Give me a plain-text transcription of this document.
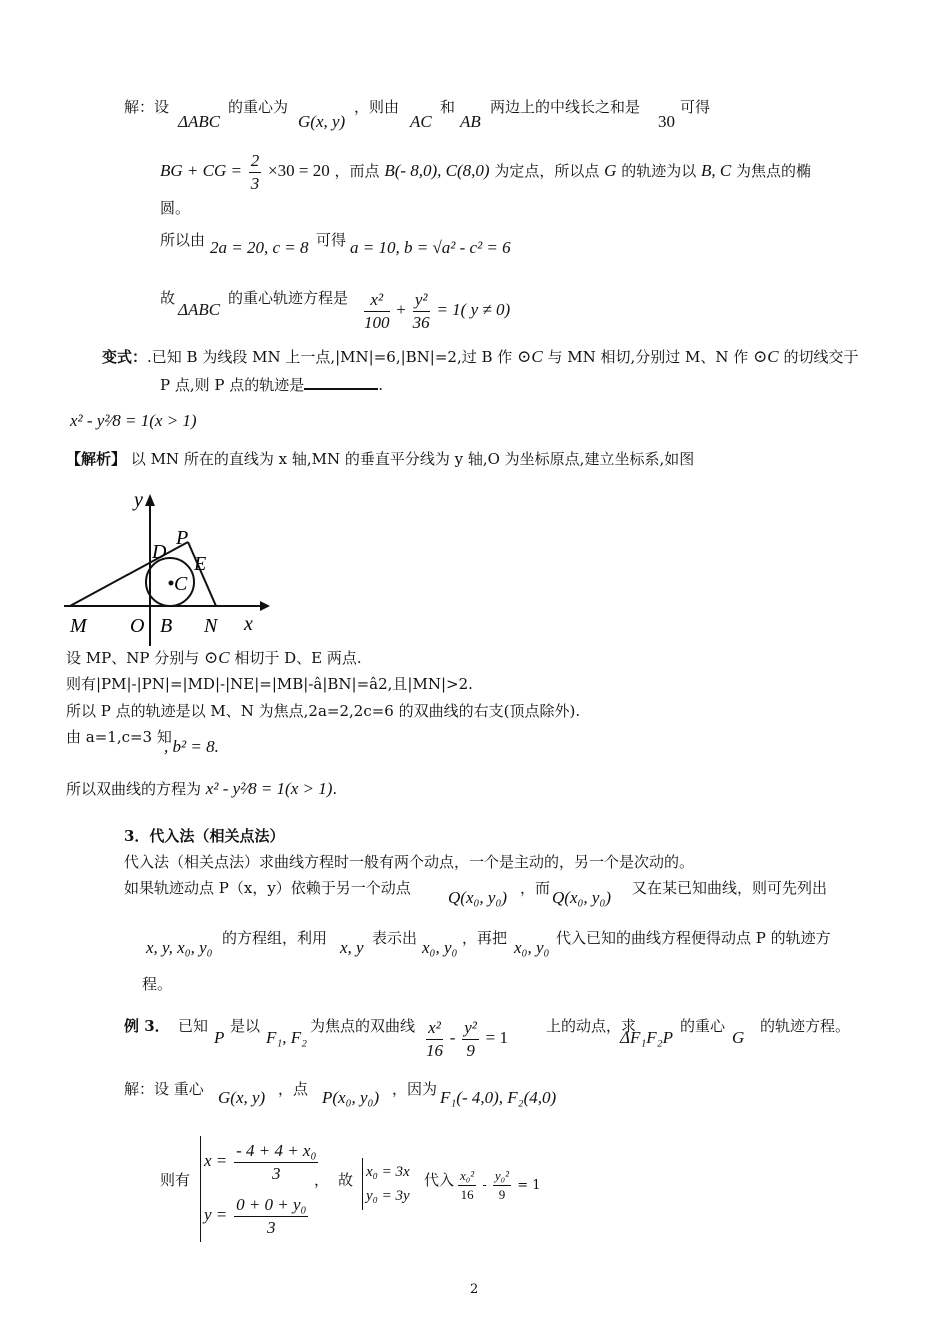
解：设
ΔABC
的重心为
G(x, y)
，则由
AC
和
AB
两边上的中线长之和是
30
可得
BG + CG = $\frac{2}{3} \times 30 = 20$ ，而点 B(- 8,0), C(8,0) 为定点，所以点 G 的轨迹为以 B, C 为焦点的椭
圆。
所以由 2a = 20, c = 8 可得 a = 10, b = √a² - c² = 6
故
ΔABC
的重心轨迹方程是 $\frac{\text{x²}}{100} + \frac{\text{y²}}{36} = 1$( y ≠ 0)
变式：.已知 B 为线段 MN 上一点,|MN|=6,|BN|=2,过 B 作 ⊙C 与 MN 相切,分别过 M、N 作 ⊙C 的切线交于
P 点,则 P 点的轨迹是	.
x² - y²⁄8 = 1(x > 1)
【解析】 以 MN 所在的直线为 x 轴,MN 的垂直平分线为 y 轴,O 为坐标原点,建立坐标系,如图
y
P
D
E
C
M O B N x
设 MP、NP 分别与 ⊙C 相切于 D、E 两点.
则有|PM|-|PN|=|MD|-|NE|=|MB|-â|BN|=â2,且|MN|>2.
所以 P 点的轨迹是以 M、N 为焦点,2a=2,2c=6 的双曲线的右支(顶点除外).
由 a=1,c=3 知
, b² = 8.
所以双曲线的方程为 x² - y²⁄8 = 1(x > 1).
3．代入法（相关点法）
代入法（相关点法）求曲线方程时一般有两个动点，一个是主动的，另一个是次动的。
如果轨迹动点 P（x，y）依赖于另一个动点 Q(x₀, y₀) ，而 Q(x₀, y₀) 又在某已知曲线，则可先列出
x, y, x₀, y₀ 的方程组，利用 x, y 表示出 x₀, y₀ ，再把 x₀, y₀ 代入已知的曲线方程便得动点 P 的轨迹方
程。
例 3． 已知
P
是以
F₁, F₂
为焦点的双曲线 $\frac{\text{x²}}{16} - \frac{\text{y²}}{9} = 1$
上的动点，求
ΔF₁F₂P
的重心
G
的轨迹方程。
解：设 重心 G(x, y) ，点 P(x₀, y₀) ，因为 F₁(- 4,0), F₂(4,0)
则有
$x = \frac{\text{- 4 + 4 + x₀}}{3}$
$y = \frac{\text{0 + 0 + y₀}}{3}$
， 故 x₀ = 3x
y₀ = 3y
代入 $\frac{\text{x₀²}}{16} - \frac{\text{y₀²}}{9} = 1$
2
